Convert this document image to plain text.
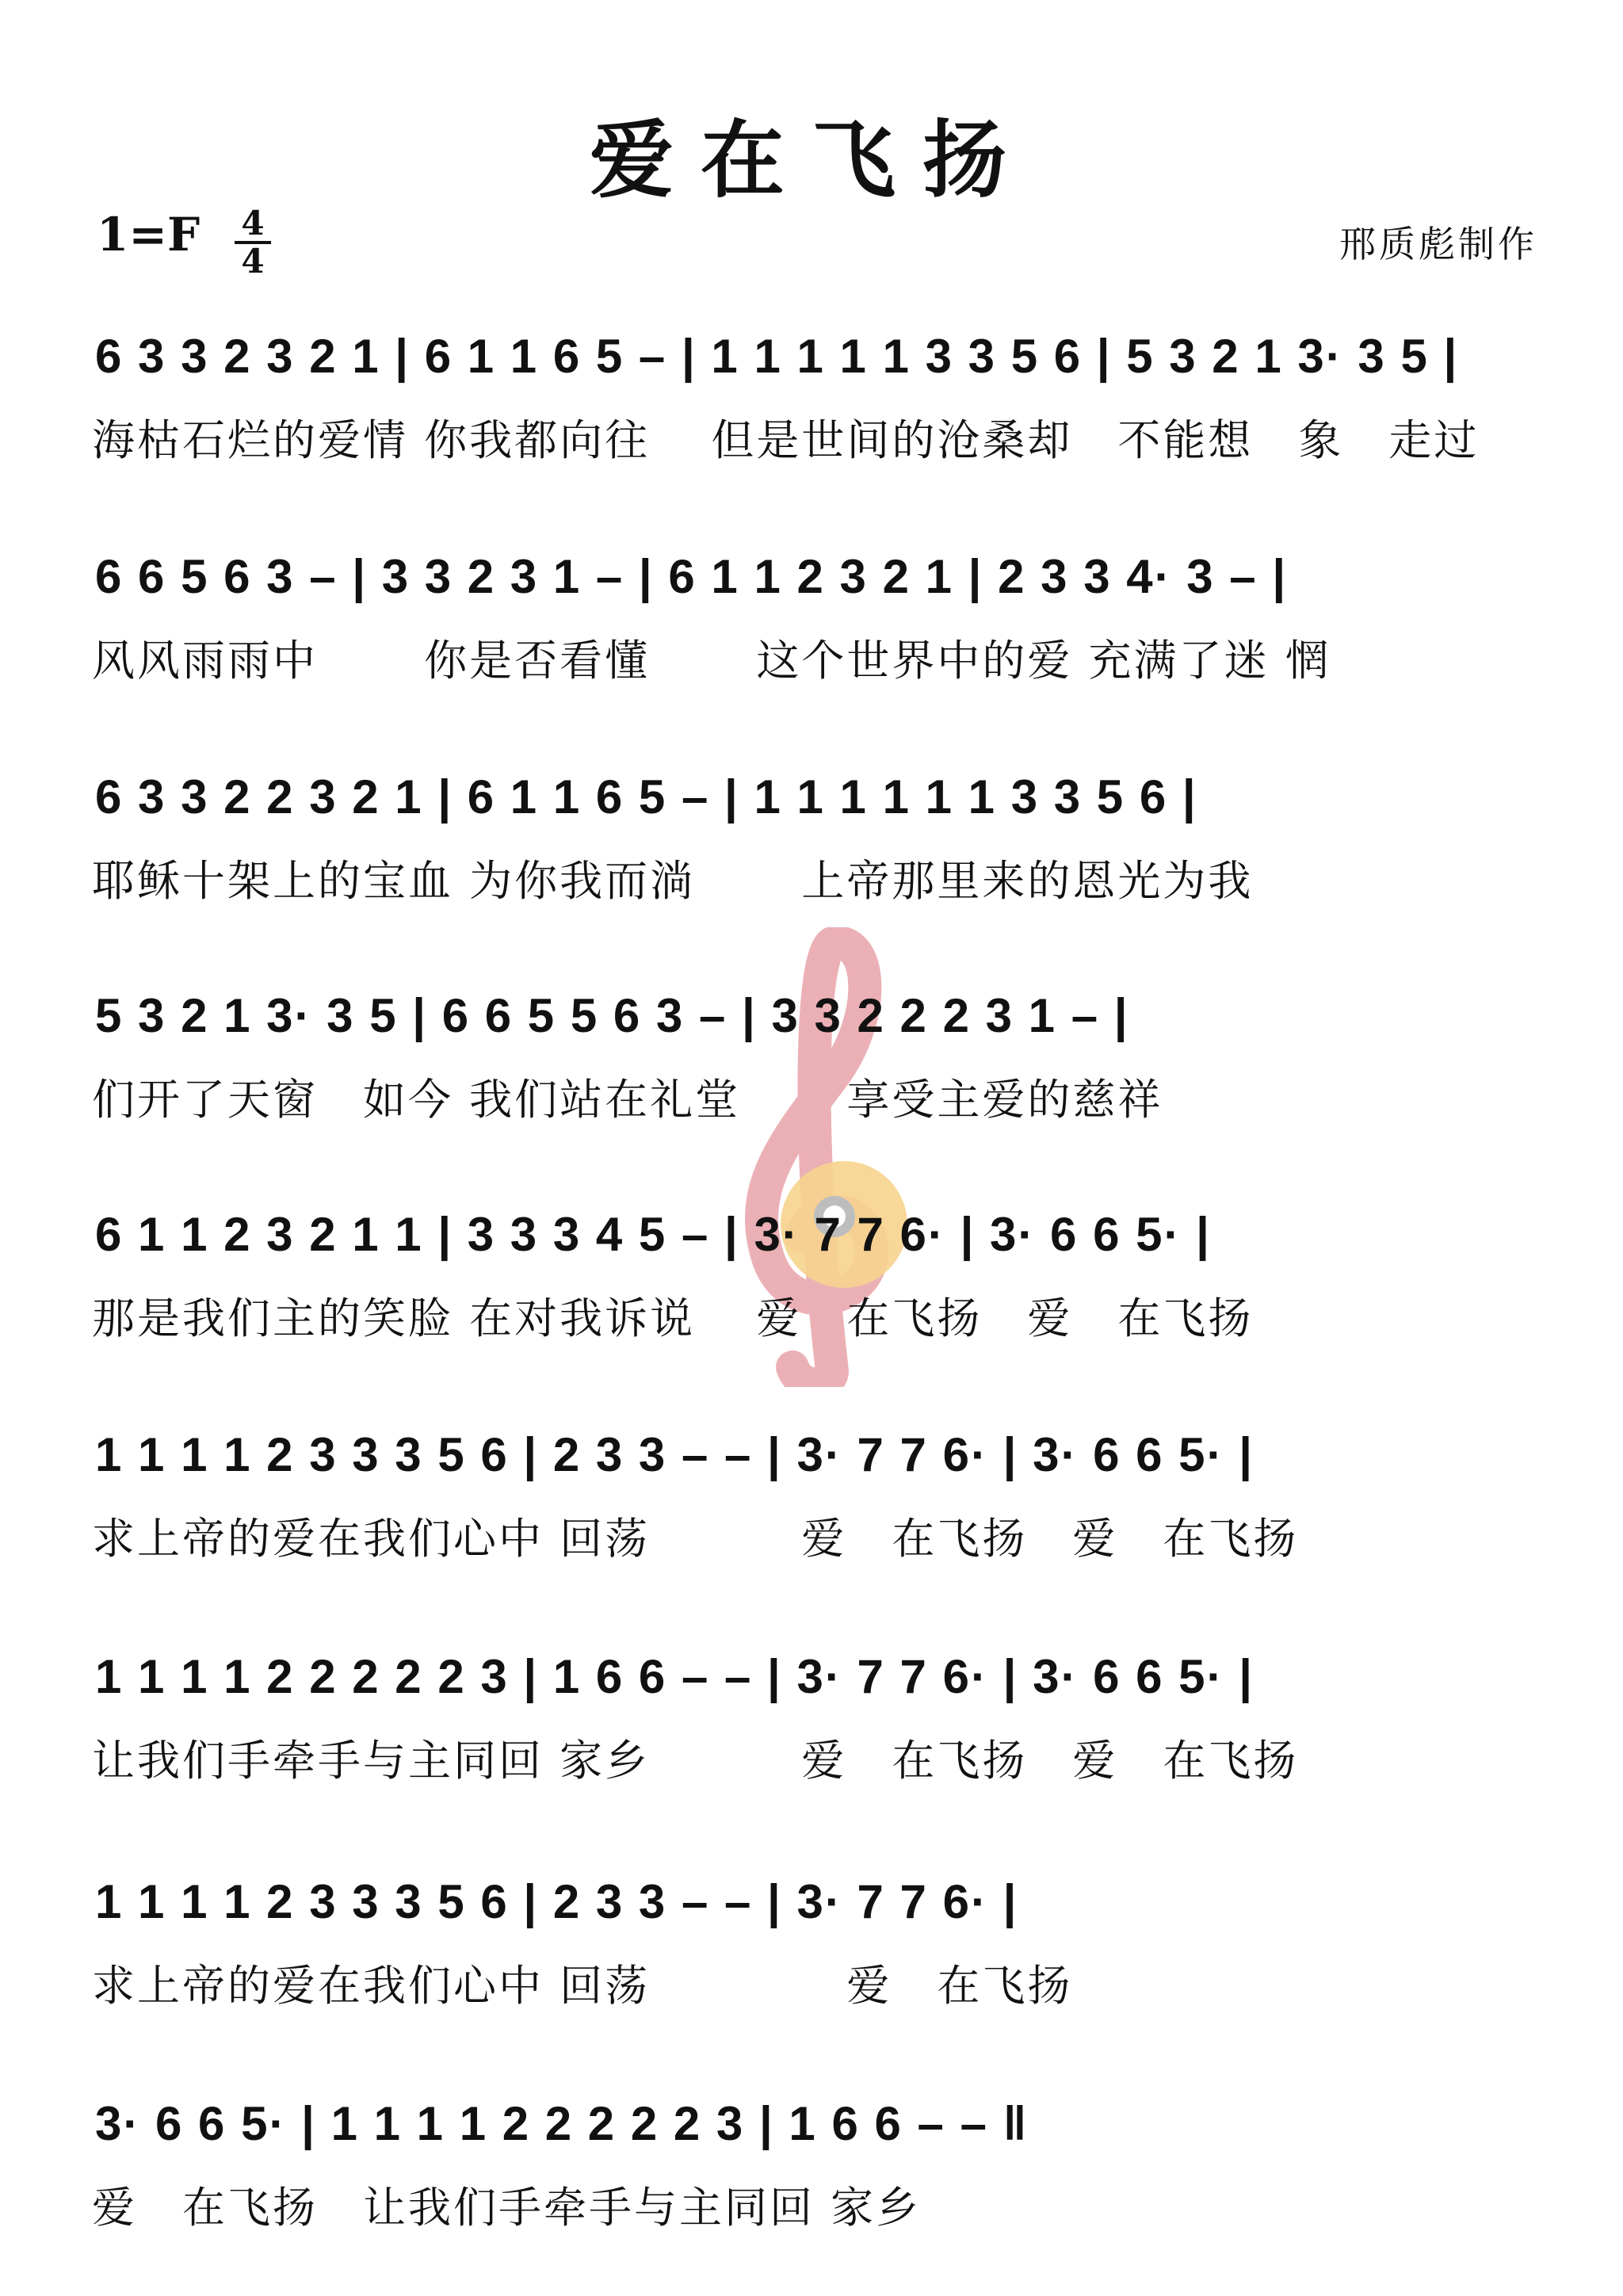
爱在飞扬
1=F 4
4	邢质彪制作
6 3 3 2 3 2 1 | 6 1 1 6 5 – | 1 1 1 1 1 3 3 5 6 | 5 3 2 1 3· 3 5 |
海枯石烂的爱情 你我都向往　 但是世间的沧桑却　不能想　象　走过
6 6 5 6 3 – | 3 3 2 3 1 – | 6 1 1 2 3 2 1 | 2 3 3 4· 3 – |
风风雨雨中　　 你是否看懂　　 这个世界中的爱 充满了迷 惘
6 3 3 2 2 3 2 1 | 6 1 1 6 5 – | 1 1 1 1 1 1 3 3 5 6 |
耶稣十架上的宝血 为你我而淌　　 上帝那里来的恩光为我
5 3 2 1 3· 3 5 | 6 6 5 5 6 3 – | 3 3 2 2 2 3 1 – |
们开了天窗　如今 我们站在礼堂　　 享受主爱的慈祥
6 1 1 2 3 2 1 1 | 3 3 3 4 5 – | 3· 7 7 6· | 3· 6 6 5· |
那是我们主的笑脸 在对我诉说　 爱　在飞扬　爱　在飞扬
1 1 1 1 2 3 3 3 5 6 | 2 3 3 – – | 3· 7 7 6· | 3· 6 6 5· |
求上帝的爱在我们心中 回荡　　　 爱　在飞扬　爱　在飞扬
1 1 1 1 2 2 2 2 2 3 | 1 6 6 – – | 3· 7 7 6· | 3· 6 6 5· |
让我们手牵手与主同回 家乡　　　 爱　在飞扬　爱　在飞扬
1 1 1 1 2 3 3 3 5 6 | 2 3 3 – – | 3· 7 7 6· |
求上帝的爱在我们心中 回荡　　　　 爱　在飞扬
3· 6 6 5· | 1 1 1 1 2 2 2 2 2 3 | 1 6 6 – – ‖
爱　在飞扬　让我们手牵手与主同回 家乡
